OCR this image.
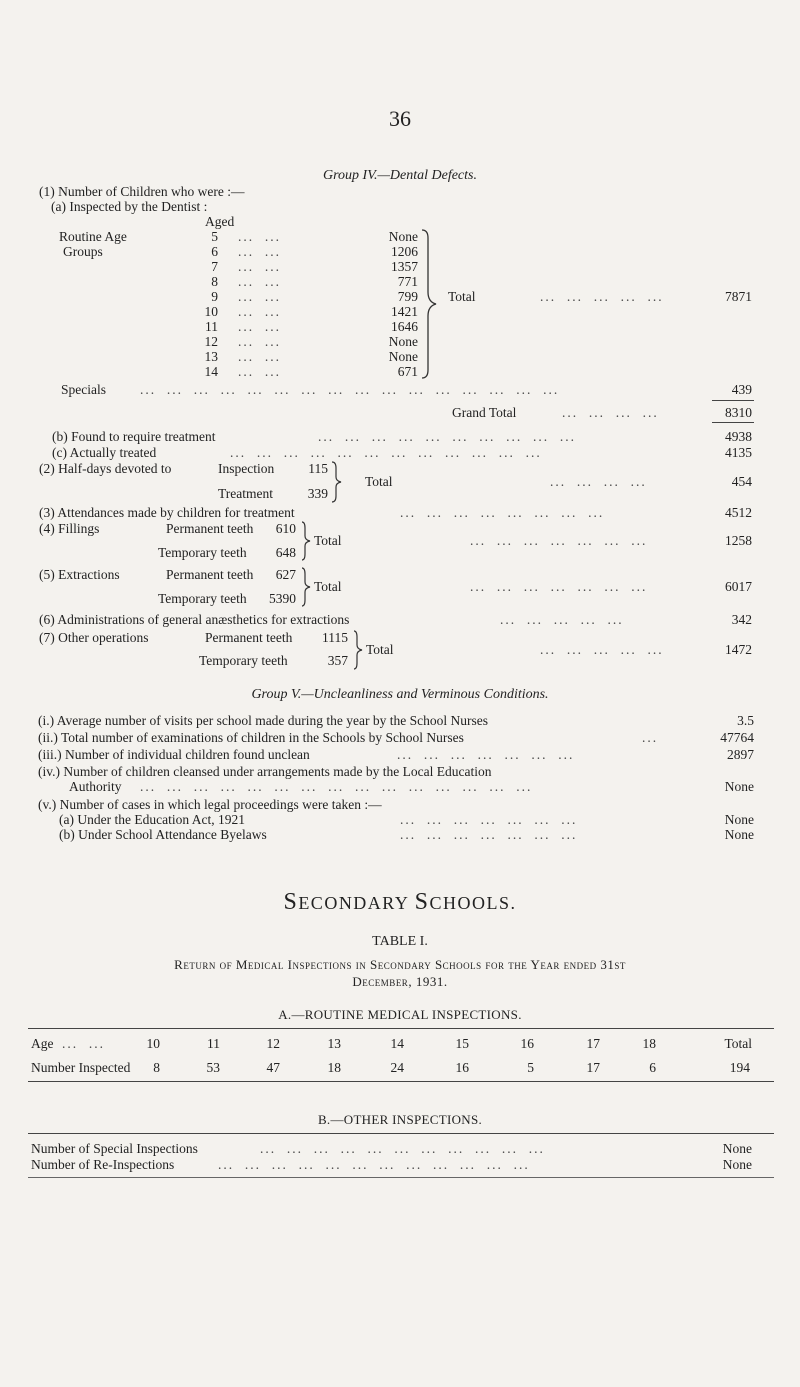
36
Group IV.—Dental Defects.
(1) Number of Children who were :—
(a) Inspected by the Dentist :
Aged
Routine Age
Groups
5 ...  ...	None
6 ...  ...	1206
7 ...  ...	1357
8 ...  ...	771
9 ...  ...	799
10 ...  ...	1421
11 ...  ...	1646
12 ...  ...	None
13 ...  ...	None
14 ...  ...	671
Total	...  ...  ...  ...  ...	7871
Specials	...  ...  ...  ...  ...  ...  ...  ...  ...  ...  ...  ...  ...  ...  ...  ...	439
Grand Total	...  ...  ...  ...	8310
(b) Found to require treatment	...  ...  ...  ...  ...  ...  ...  ...  ...  ...	4938
(c) Actually treated	...  ...  ...  ...  ...  ...  ...  ...  ...  ...  ...  ...	4135
(2) Half-days devoted to	Inspection	115
Treatment	339
Total	...  ...  ...  ...	454
(3) Attendances made by children for treatment	...  ...  ...  ...  ...  ...  ...  ...	4512
(4) Fillings	Permanent teeth	610
Temporary teeth	648
Total	...  ...  ...  ...  ...  ...  ...	1258
(5) Extractions	Permanent teeth	627
Temporary teeth	5390
Total	...  ...  ...  ...  ...  ...  ...	6017
(6) Administrations of general anæsthetics for extractions	...  ...  ...  ...  ...	342
(7) Other operations	Permanent teeth	1115
Temporary teeth	357
Total	...  ...  ...  ...  ...	1472
Group V.—Uncleanliness and Verminous Conditions.
(i.) Average number of visits per school made during the year by the School Nurses	3.5
(ii.) Total number of examinations of children in the Schools by School Nurses	...	47764
(iii.) Number of individual children found unclean	...  ...  ...  ...  ...  ...  ...	2897
(iv.) Number of children cleansed under arrangements made by the Local Education
Authority ...  ...  ...  ...  ...  ...  ...  ...  ...  ...  ...  ...  ...  ...  ...	None
(v.) Number of cases in which legal proceedings were taken :—
(a) Under the Education Act, 1921	...  ...  ...  ...  ...  ...  ...	None
(b) Under School Attendance Byelaws	...  ...  ...  ...  ...  ...  ...	None
SECONDARY SCHOOLS.
TABLE I.
Return of Medical Inspections in Secondary Schools for the Year ended 31st
December, 1931.
A.—ROUTINE MEDICAL INSPECTIONS.
Age ...  ...	10	11	12	13	14	15	16	17	18	Total
Number Inspected	8	53	47	18	24	16	5	17	6	194
B.—OTHER INSPECTIONS.
Number of Special Inspections	...  ...  ...  ...  ...  ...  ...  ...  ...  ...  ...	None
Number of Re-Inspections	...  ...  ...  ...  ...  ...  ...  ...  ...  ...  ...  ...	None
